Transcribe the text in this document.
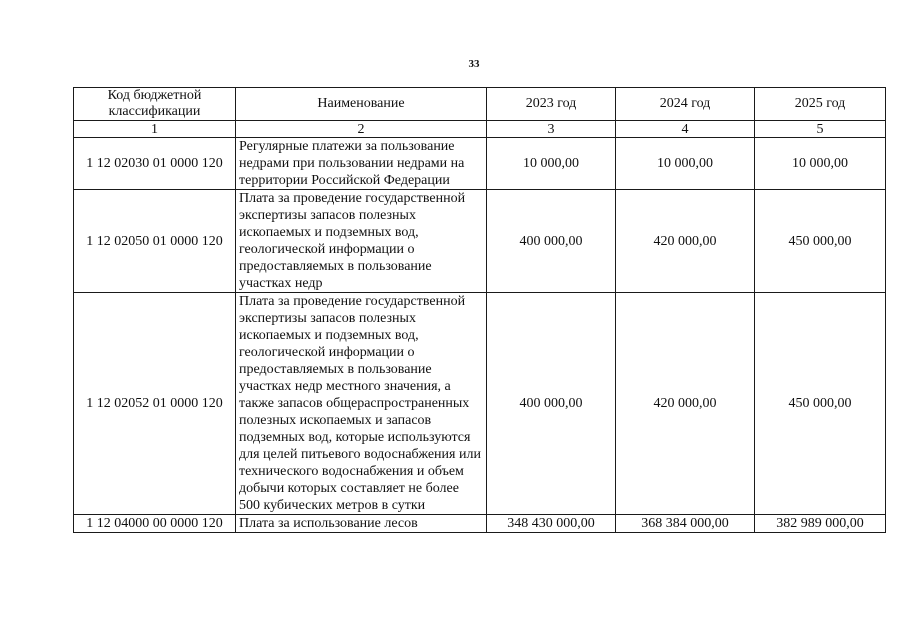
33
Код бюджетной классификации	Наименование	2023 год	2024 год	2025 год
1	2	3	4	5
1 12 02030 01 0000 120	Регулярные платежи за пользование недрами при пользовании недрами на территории Российской Федерации	10 000,00	10 000,00	10 000,00
1 12 02050 01 0000 120	Плата за проведение государственной экспертизы запасов полезных ископаемых и подземных вод, геологической информации о предоставляемых в пользование участках недр	400 000,00	420 000,00	450 000,00
1 12 02052 01 0000 120	Плата за проведение государственной экспертизы запасов полезных ископаемых и подземных вод, геологической информации о предоставляемых в пользование участках недр местного значения, а также запасов общераспространенных полезных ископаемых и запасов подземных вод, которые используются для целей питьевого водоснабжения или технического водоснабжения и объем добычи которых составляет не более 500 кубических метров в сутки	400 000,00	420 000,00	450 000,00
1 12 04000 00 0000 120	Плата за использование лесов	348 430 000,00	368 384 000,00	382 989 000,00
